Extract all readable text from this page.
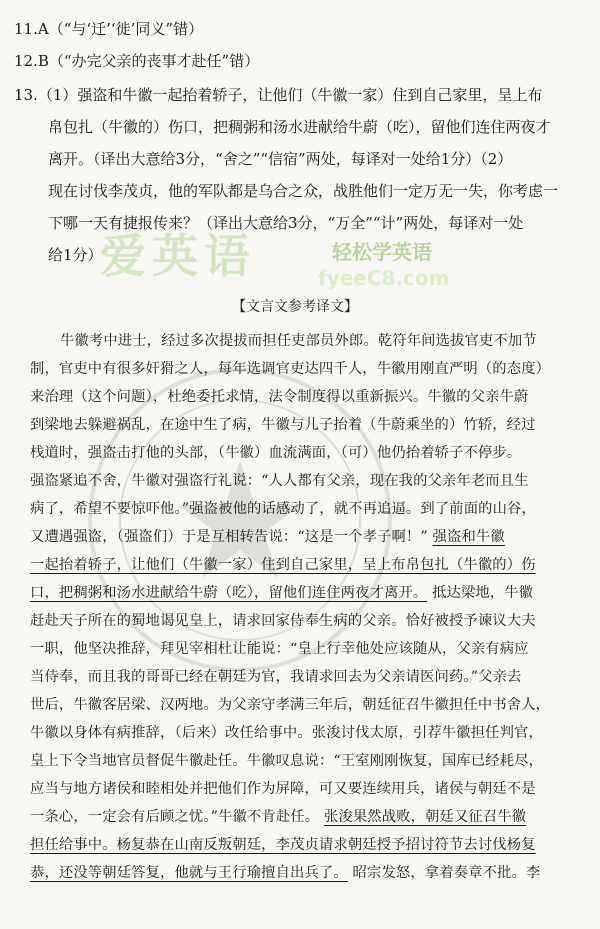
11.A（“与‘迁’‘徙’同义”错）
12.B（“办完父亲的丧事才赴任”错）
13.（1）强盗和牛徽一起抬着轿子，让他们（牛徽一家）住到自己家里，呈上布
帛包扎（牛徽的）伤口，把稠粥和汤水进献给牛蔚（吃），留他们连住两夜才
离开。（译出大意给3分，“舍之”“信宿”两处，每译对一处给1分）（2）
现在讨伐李茂贞，他的军队都是乌合之众，战胜他们一定万无一失，你考虑一
下哪一天有捷报传来？（译出大意给3分，“万全”“计”两处，每译对一处
给1分）
爱英语	轻松学英语
fyeeC8.com
【文言文参考译文】
牛徽考中进士，经过多次提拔而担任吏部员外郎。乾符年间选拔官吏不加节
制，官吏中有很多奸猾之人，每年选调官吏达四千人，牛徽用刚直严明（的态度）
来治理（这个问题），杜绝委托求情，法令制度得以重新振兴。牛徽的父亲牛蔚
到梁地去躲避祸乱，在途中生了病，牛徽与儿子抬着（牛蔚乘坐的）竹轿，经过
栈道时，强盗击打他的头部，（牛徽）血流满面，（可）他仍抬着轿子不停步。
强盗紧追不舍，牛徽对强盗行礼说：“人人都有父亲，现在我的父亲年老而且生
病了，希望不要惊吓他。”强盗被他的话感动了，就不再追逼。到了前面的山谷，
又遭遇强盗，（强盗们）于是互相转告说：“这是一个孝子啊！” 强盗和牛徽
一起抬着轿子，让他们（牛徽一家）住到自己家里，呈上布帛包扎（牛徽的）伤
口，把稠粥和汤水进献给牛蔚（吃），留他们连住两夜才离开。 抵达梁地，牛徽
赶赴天子所在的蜀地谒见皇上，请求回家侍奉生病的父亲。恰好被授予谏议大夫
一职，他坚决推辞，拜见宰相杜让能说：“皇上行幸他处应该随从，父亲有病应
当侍奉，而且我的哥哥已经在朝廷为官，我请求回去为父亲请医问药。”父亲去
世后，牛徽客居梁、汉两地。为父亲守孝满三年后，朝廷征召牛徽担任中书舍人，
牛徽以身体有病推辞，（后来）改任给事中。张浚讨伐太原，引荐牛徽担任判官，
皇上下令当地官员督促牛徽赴任。牛徽叹息说：“王室刚刚恢复，国库已经耗尽，
应当与地方诸侯和睦相处并把他们作为屏障，可又要连续用兵，诸侯与朝廷不是
一条心，一定会有后顾之忧。”牛徽不肯赴任。 张浚果然战败，朝廷又征召牛徽
担任给事中。杨复恭在山南反叛朝廷，李茂贞请求朝廷授予招讨符节去讨伐杨复
恭，还没等朝廷答复，他就与王行瑜擅自出兵了。 昭宗发怒，拿着奏章不批。李
